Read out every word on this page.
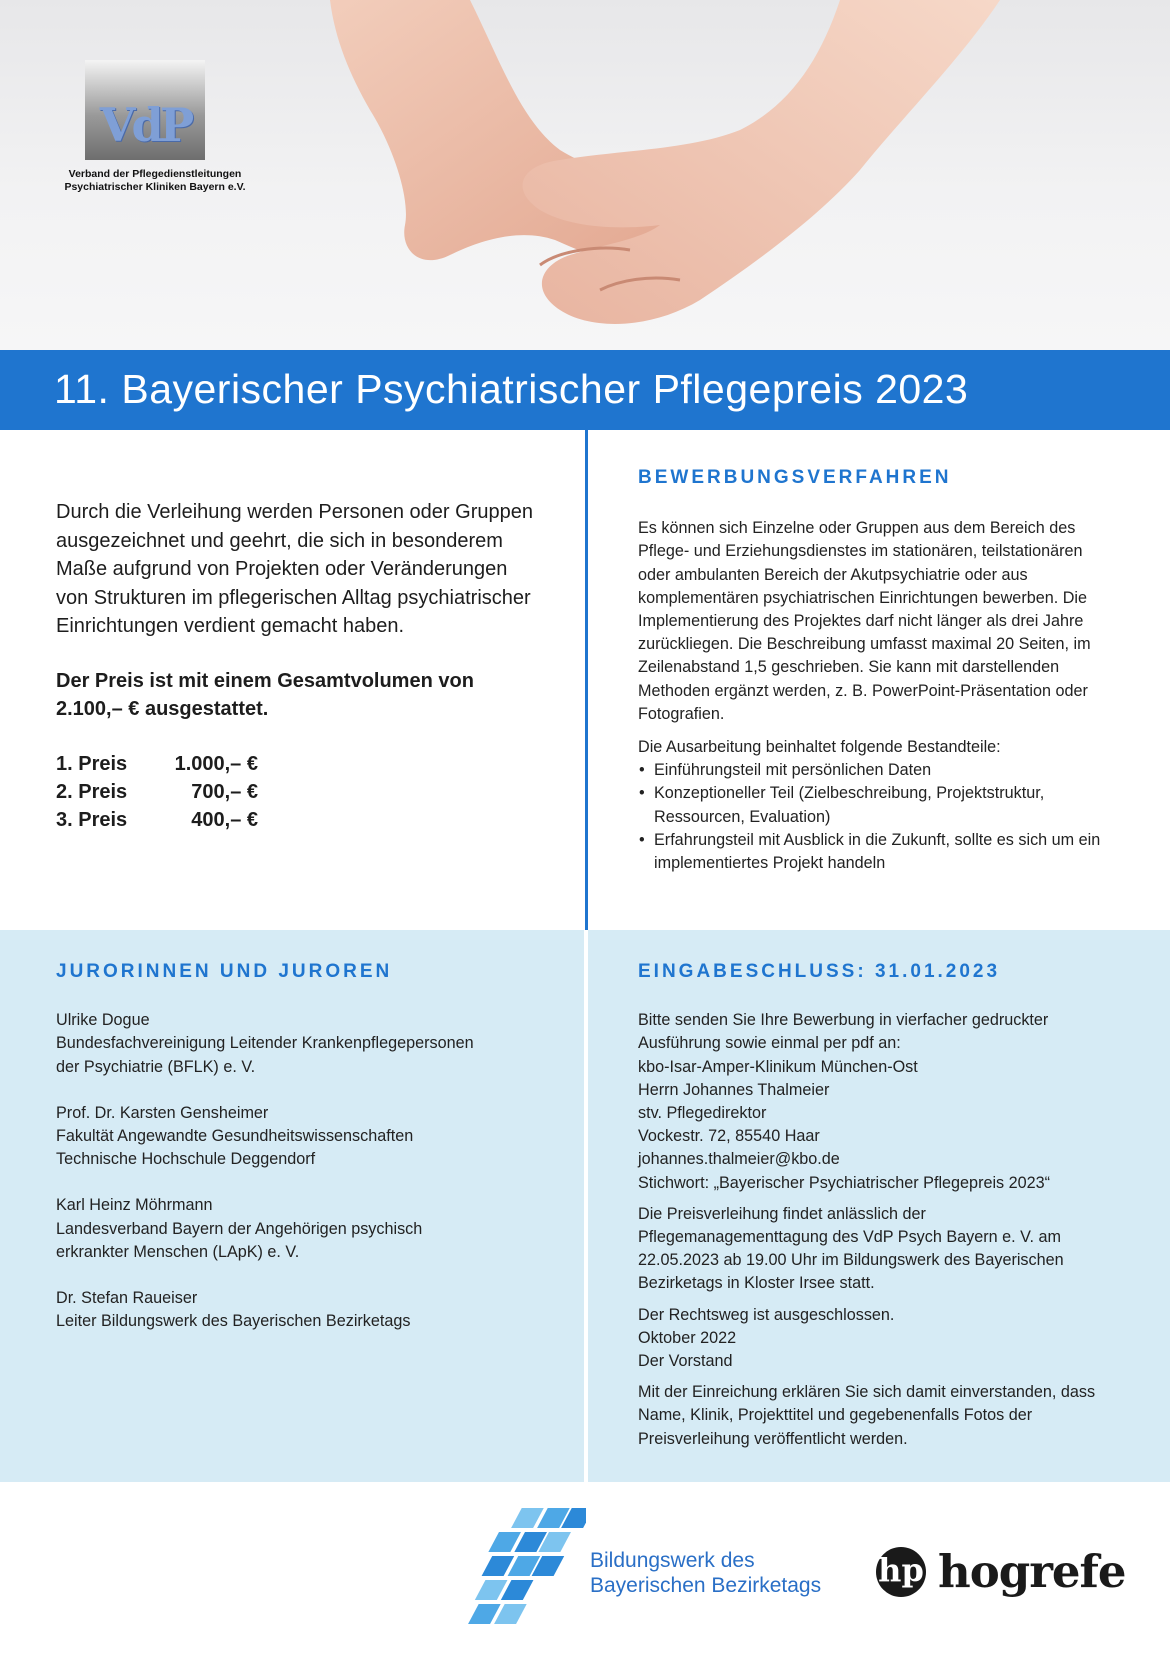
VdP
Verband der Pflegedienstleitungen
Psychiatrischer Kliniken Bayern e.V.
11. Bayerischer Psychiatrischer Pflegepreis 2023

Durch die Verleihung werden Personen oder Gruppen ausgezeichnet und geehrt, die sich in besonderem Maße aufgrund von Projekten oder Veränderungen von Strukturen im pflegerischen Alltag psychiatrischer Einrichtungen verdient gemacht haben.

Der Preis ist mit einem Gesamtvolumen von 2.100,– € ausgestattet.

1. Preis	1.000,– €
2. Preis	700,– €
3. Preis	400,– €
BEWERBUNGSVERFAHREN

Es können sich Einzelne oder Gruppen aus dem Bereich des Pflege- und Erziehungsdienstes im stationären, teilstationären oder ambulanten Bereich der Akutpsychiatrie oder aus komplementären psychiatrischen Einrichtungen bewerben. Die Implementierung des Projektes darf nicht länger als drei Jahre zurückliegen. Die Beschreibung umfasst maximal 20 Seiten, im Zeilenabstand 1,5 geschrieben. Sie kann mit darstellenden Methoden ergänzt werden, z. B. PowerPoint-Präsentation oder Fotografien.

Die Ausarbeitung beinhaltet folgende Bestandteile:
• Einführungsteil mit persönlichen Daten
• Konzeptioneller Teil (Zielbeschreibung, Projektstruktur, Ressourcen, Evaluation)
• Erfahrungsteil mit Ausblick in die Zukunft, sollte es sich um ein implementiertes Projekt handeln
JURORINNEN UND JUROREN
Ulrike Dogue
Bundesfachvereinigung Leitender Krankenpflegepersonen
der Psychiatrie (BFLK) e. V.
Prof. Dr. Karsten Gensheimer
Fakultät Angewandte Gesundheitswissenschaften
Technische Hochschule Deggendorf
Karl Heinz Möhrmann
Landesverband Bayern der Angehörigen psychisch
erkrankter Menschen (LApK) e. V.
Dr. Stefan Raueiser
Leiter Bildungswerk des Bayerischen Bezirketags
EINGABESCHLUSS: 31.01.2023
Bitte senden Sie Ihre Bewerbung in vierfacher gedruckter
Ausführung sowie einmal per pdf an:
kbo-Isar-Amper-Klinikum München-Ost
Herrn Johannes Thalmeier
stv. Pflegedirektor
Vockestr. 72, 85540 Haar
johannes.thalmeier@kbo.de
Stichwort: „Bayerischer Psychiatrischer Pflegepreis 2023“
Die Preisverleihung findet anlässlich der Pflegemanagementtagung des VdP Psych Bayern e. V. am 22.05.2023 ab 19.00 Uhr im Bildungswerk des Bayerischen Bezirketags in Kloster Irsee statt.
Der Rechtsweg ist ausgeschlossen.
Oktober 2022
Der Vorstand
Mit der Einreichung erklären Sie sich damit einverstanden, dass Name, Klinik, Projekttitel und gegebenenfalls Fotos der Preisverleihung veröffentlicht werden.
Bildungswerk des
Bayerischen Bezirketags hp hogrefe
